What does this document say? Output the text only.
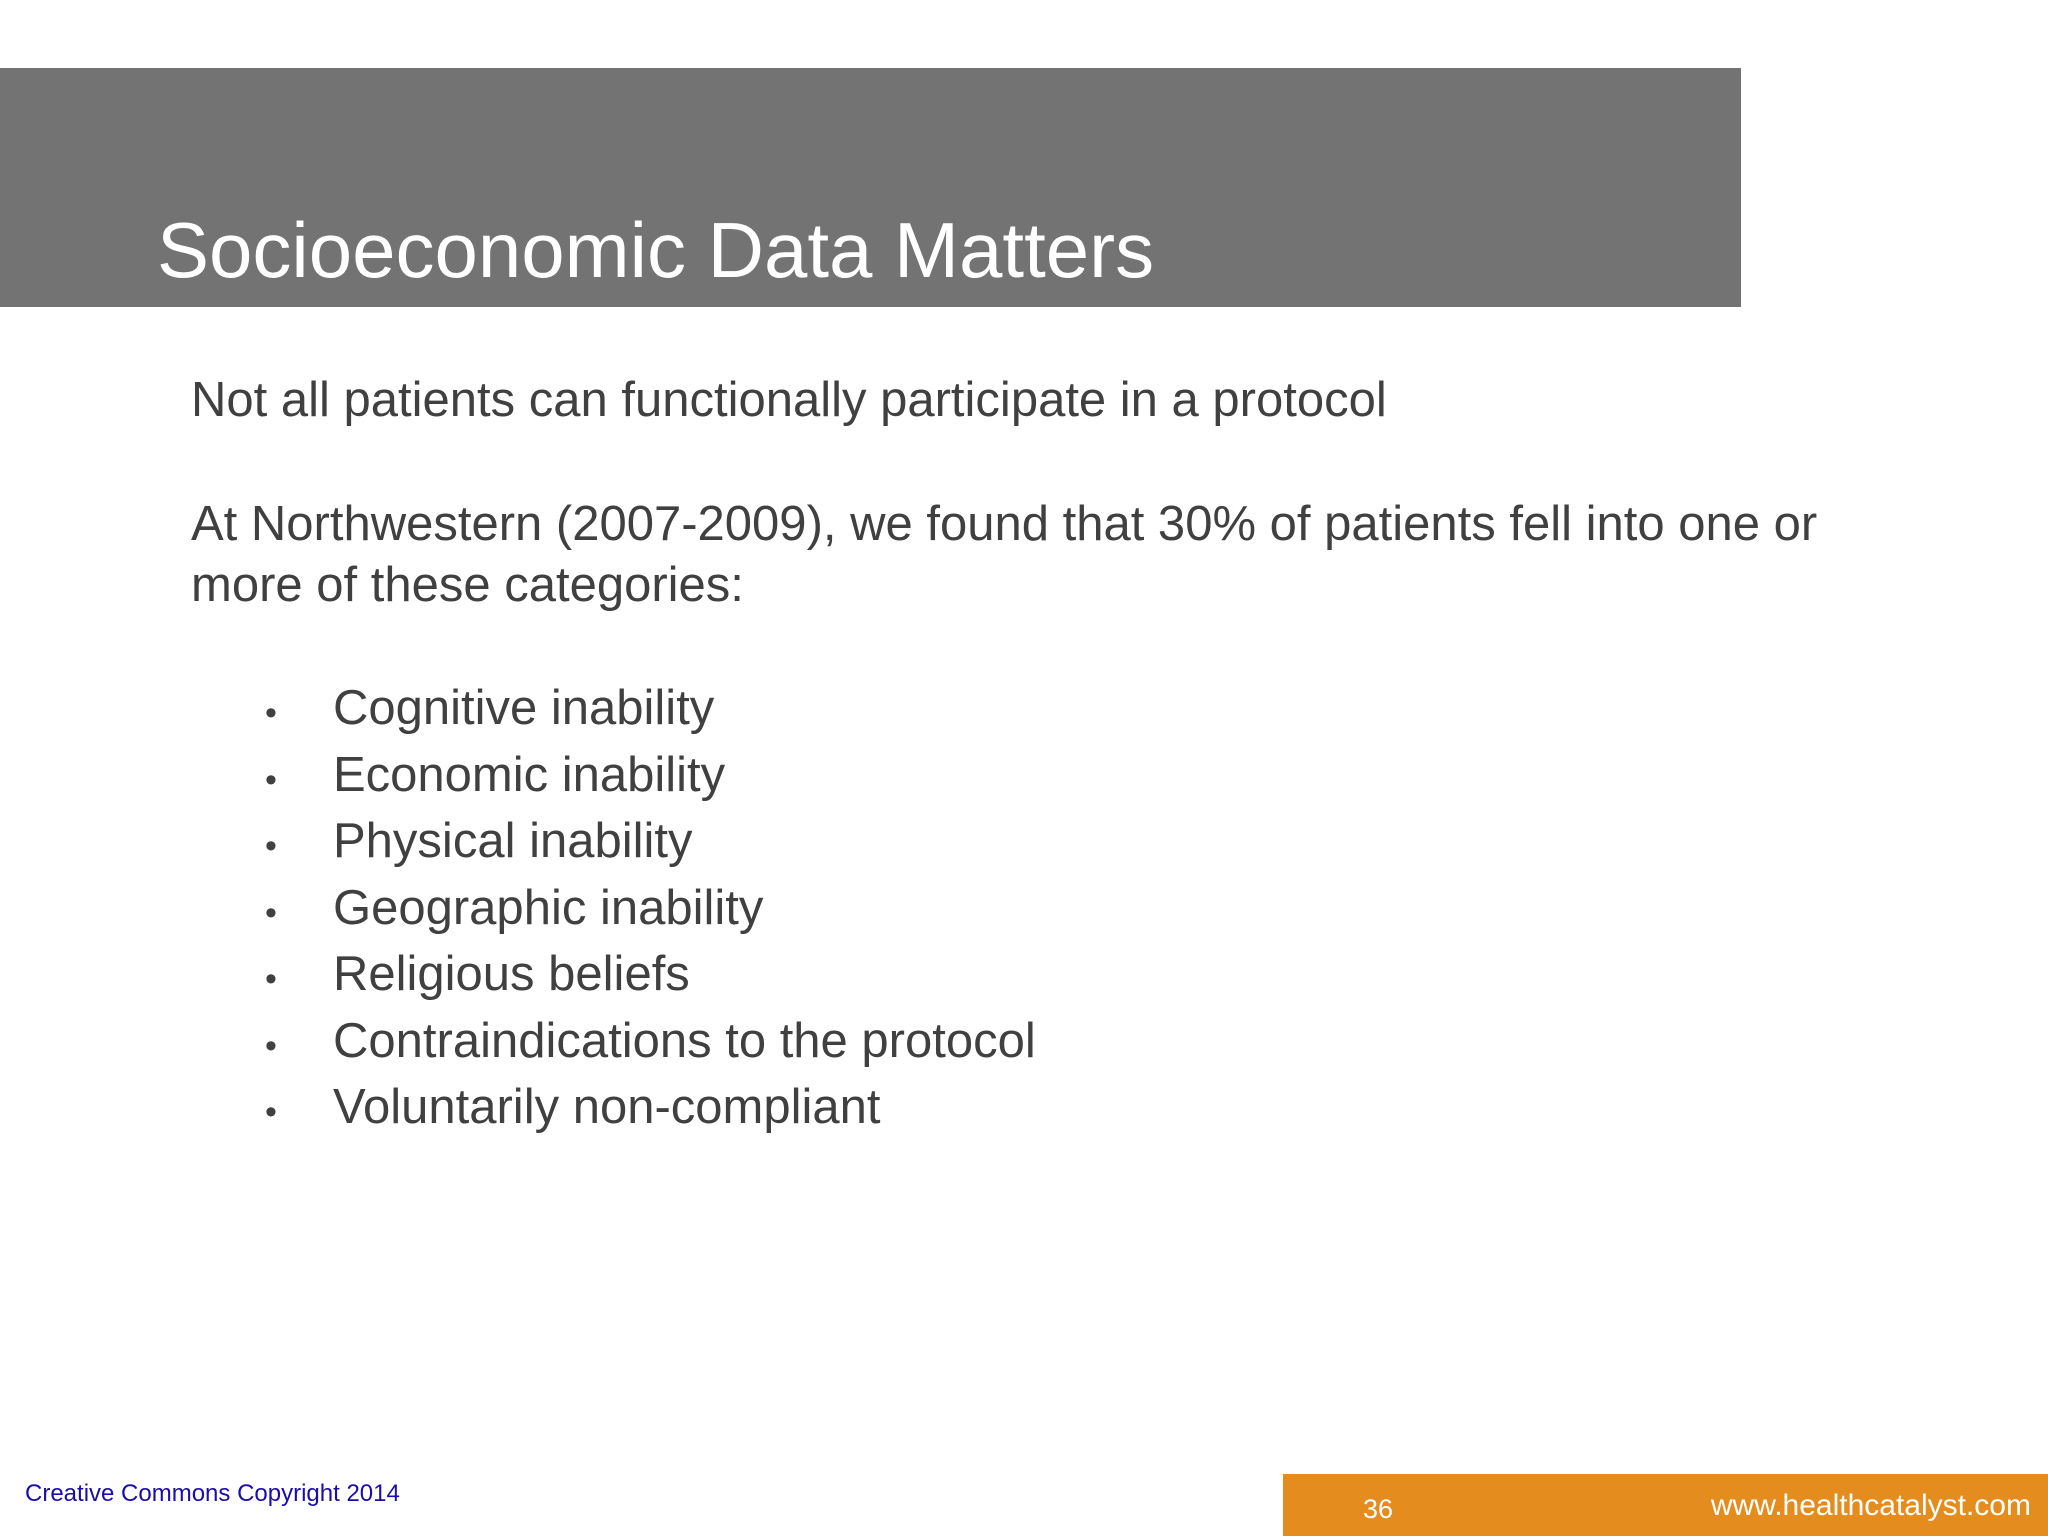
Socioeconomic Data Matters

Not all patients can functionally participate in a protocol

At Northwestern (2007-2009), we found that 30% of patients fell into one or more of these categories:

•	Cognitive inability
•	Economic inability
•	Physical inability
•	Geographic inability
•	Religious beliefs
•	Contraindications to the protocol
•	Voluntarily non-compliant
Creative Commons Copyright 2014
36	www.healthcatalyst.com
